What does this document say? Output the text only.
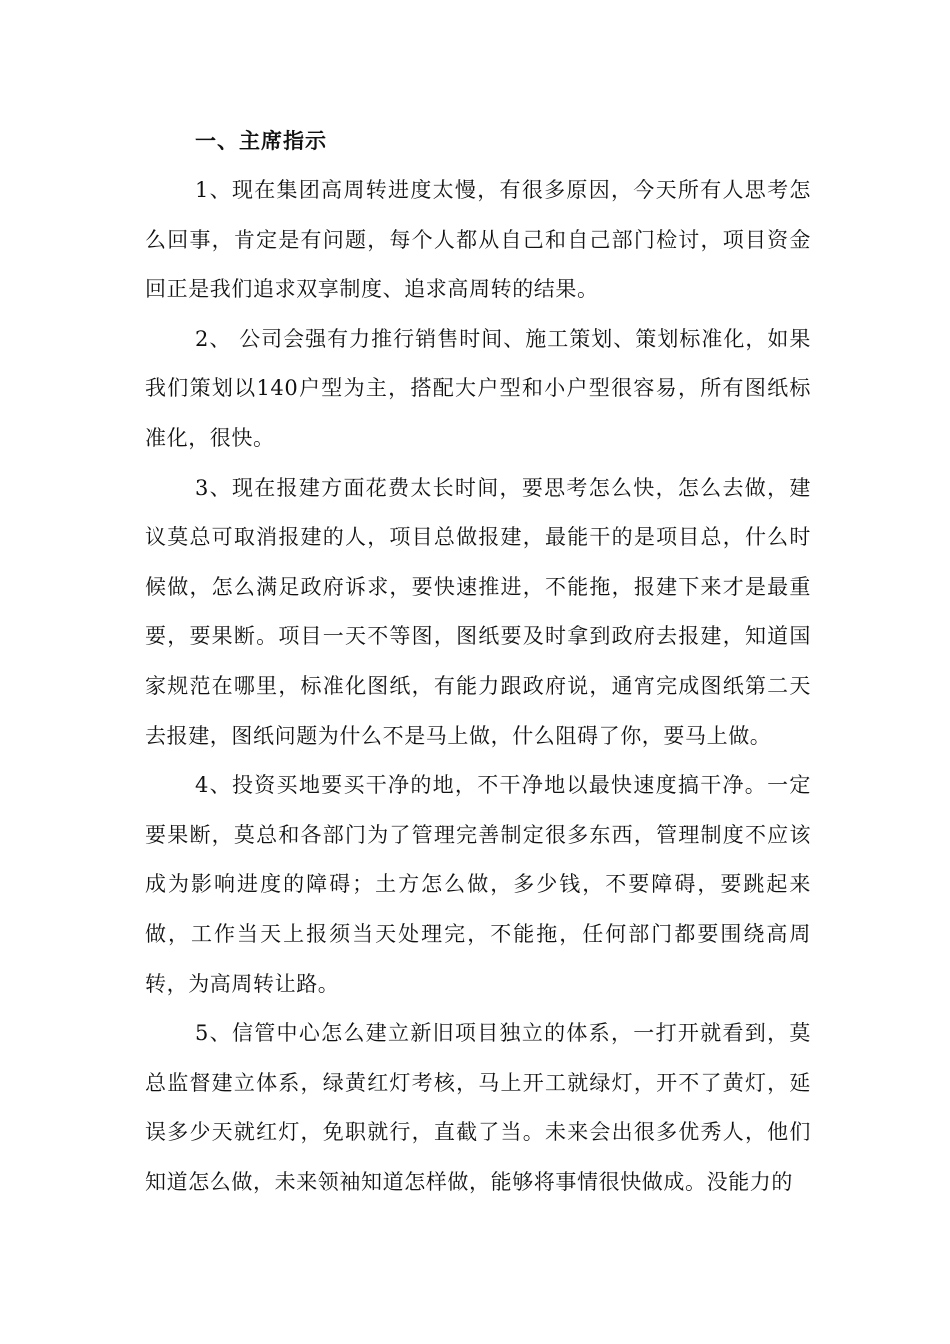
一、主席指示

1、现在集团高周转进度太慢，有很多原因，今天所有人思考怎么回事，肯定是有问题，每个人都从自己和自己部门检讨，项目资金回正是我们追求双享制度、追求高周转的结果。

2、 公司会强有力推行销售时间、施工策划、策划标准化，如果我们策划以140户型为主，搭配大户型和小户型很容易，所有图纸标准化，很快。

3、现在报建方面花费太长时间，要思考怎么快，怎么去做，建议莫总可取消报建的人，项目总做报建，最能干的是项目总，什么时候做，怎么满足政府诉求，要快速推进，不能拖，报建下来才是最重要，要果断。项目一天不等图，图纸要及时拿到政府去报建，知道国家规范在哪里，标准化图纸，有能力跟政府说，通宵完成图纸第二天去报建，图纸问题为什么不是马上做，什么阻碍了你，要马上做。

4、投资买地要买干净的地，不干净地以最快速度搞干净。一定要果断，莫总和各部门为了管理完善制定很多东西，管理制度不应该成为影响进度的障碍；土方怎么做，多少钱，不要障碍，要跳起来做，工作当天上报须当天处理完，不能拖，任何部门都要围绕高周转，为高周转让路。

5、信管中心怎么建立新旧项目独立的体系，一打开就看到，莫总监督建立体系，绿黄红灯考核，马上开工就绿灯，开不了黄灯，延误多少天就红灯，免职就行，直截了当。未来会出很多优秀人，他们知道怎么做，未来领袖知道怎样做，能够将事情很快做成。没能力的
